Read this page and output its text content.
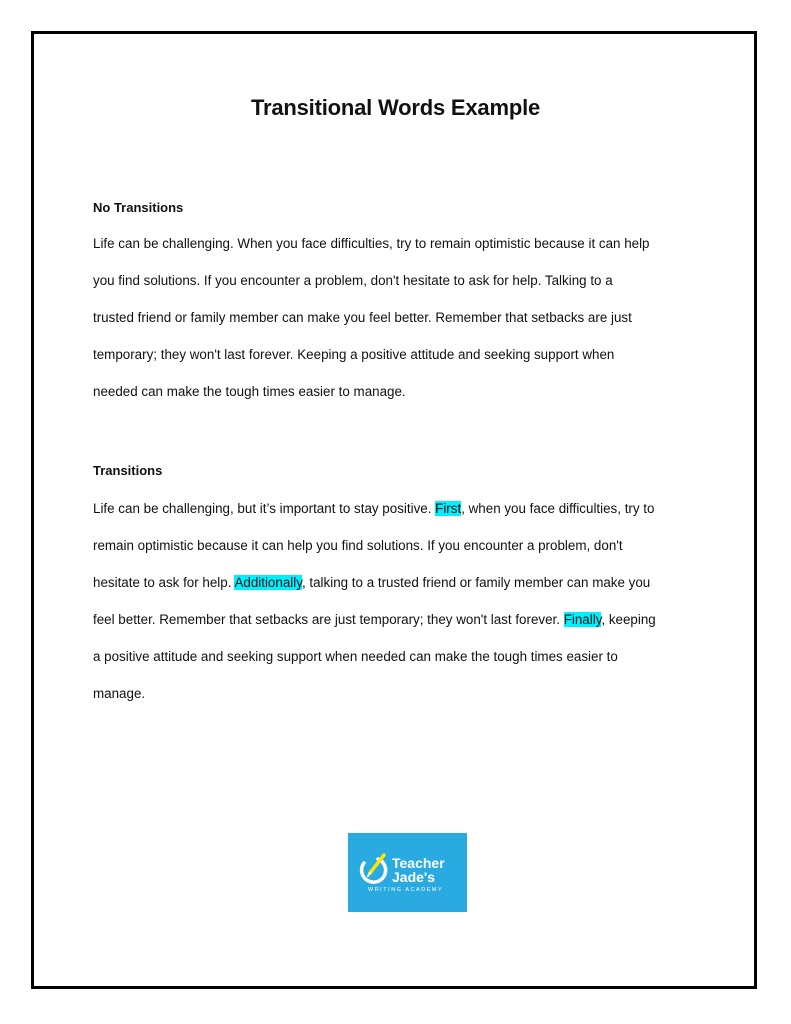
Transitional Words Example
No Transitions

Life can be challenging. When you face difficulties, try to remain optimistic because it can help
you find solutions. If you encounter a problem, don't hesitate to ask for help. Talking to a
trusted friend or family member can make you feel better. Remember that setbacks are just
temporary; they won't last forever. Keeping a positive attitude and seeking support when
needed can make the tough times easier to manage.

Transitions

Life can be challenging, but it’s important to stay positive. First, when you face difficulties, try to
remain optimistic because it can help you find solutions. If you encounter a problem, don't
hesitate to ask for help. Additionally, talking to a trusted friend or family member can make you
feel better. Remember that setbacks are just temporary; they won't last forever. Finally, keeping
a positive attitude and seeking support when needed can make the tough times easier to
manage.

Teacher
Jade's
WRITING ACADEMY
